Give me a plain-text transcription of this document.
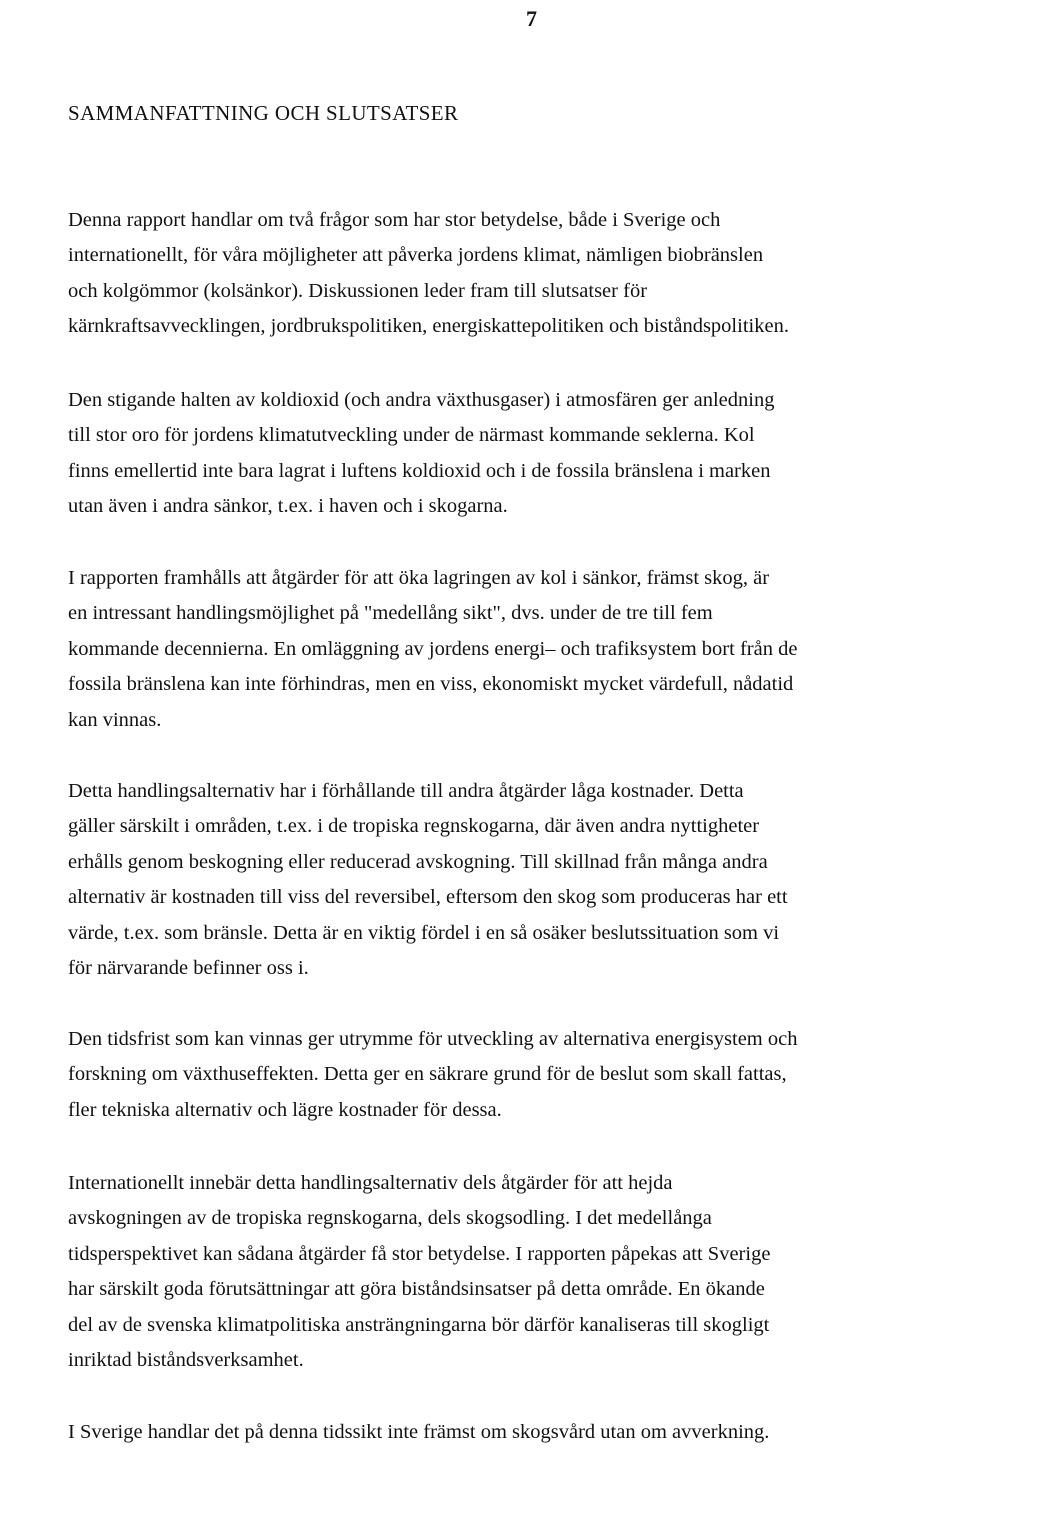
7
SAMMANFATTNING OCH SLUTSATSER
Denna rapport handlar om två frågor som har stor betydelse, både i Sverige och
internationellt, för våra möjligheter att påverka jordens klimat, nämligen biobränslen
och kolgömmor (kolsänkor). Diskussionen leder fram till slutsatser för
kärnkraftsavvecklingen, jordbrukspolitiken, energiskattepolitiken och biståndspolitiken.
Den stigande halten av koldioxid (och andra växthusgaser) i atmosfären ger anledning
till stor oro för jordens klimatutveckling under de närmast kommande seklerna. Kol
finns emellertid inte bara lagrat i luftens koldioxid och i de fossila bränslena i marken
utan även i andra sänkor, t.ex. i haven och i skogarna.
I rapporten framhålls att åtgärder för att öka lagringen av kol i sänkor, främst skog, är
en intressant handlingsmöjlighet på "medellång sikt", dvs. under de tre till fem
kommande decennierna. En omläggning av jordens energi– och trafiksystem bort från de
fossila bränslena kan inte förhindras, men en viss, ekonomiskt mycket värdefull, nådatid
kan vinnas.
Detta handlingsalternativ har i förhållande till andra åtgärder låga kostnader. Detta
gäller särskilt i områden, t.ex. i de tropiska regnskogarna, där även andra nyttigheter
erhålls genom beskogning eller reducerad avskogning. Till skillnad från många andra
alternativ är kostnaden till viss del reversibel, eftersom den skog som produceras har ett
värde, t.ex. som bränsle. Detta är en viktig fördel i en så osäker beslutssituation som vi
för närvarande befinner oss i.
Den tidsfrist som kan vinnas ger utrymme för utveckling av alternativa energisystem och
forskning om växthuseffekten. Detta ger en säkrare grund för de beslut som skall fattas,
fler tekniska alternativ och lägre kostnader för dessa.
Internationellt innebär detta handlingsalternativ dels åtgärder för att hejda
avskogningen av de tropiska regnskogarna, dels skogsodling. I det medellånga
tidsperspektivet kan sådana åtgärder få stor betydelse. I rapporten påpekas att Sverige
har särskilt goda förutsättningar att göra biståndsinsatser på detta område. En ökande
del av de svenska klimatpolitiska ansträngningarna bör därför kanaliseras till skogligt
inriktad biståndsverksamhet.
I Sverige handlar det på denna tidssikt inte främst om skogsvård utan om avverkning.
